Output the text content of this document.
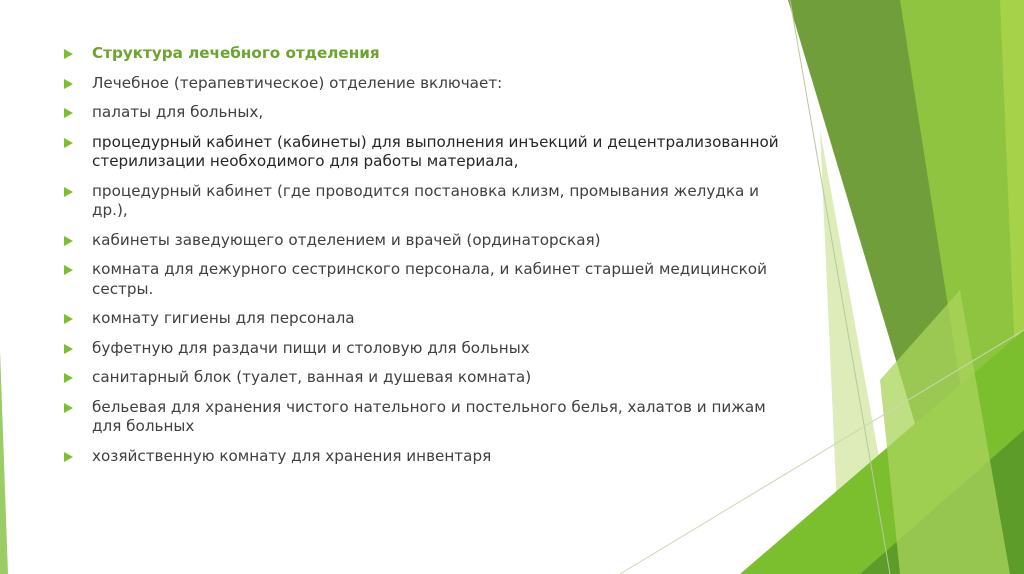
Структура лечебного отделения
Лечебное (терапевтическое) отделение включает:
палаты для больных,
процедурный кабинет (кабинеты) для выполнения инъекций и децентрализованной стерилизации необходимого для работы материала,
процедурный кабинет (где проводится постановка клизм, промывания желудка и др.),
кабинеты заведующего отделением и врачей (ординаторская)
комната для дежурного сестринского персонала, и кабинет старшей медицинской сестры.
комнату гигиены для персонала
буфетную для раздачи пищи и столовую для больных
санитарный блок (туалет, ванная и душевая комната)
бельевая для хранения чистого нательного и постельного белья, халатов и пижам для больных
хозяйственную комнату для хранения инвентаря
